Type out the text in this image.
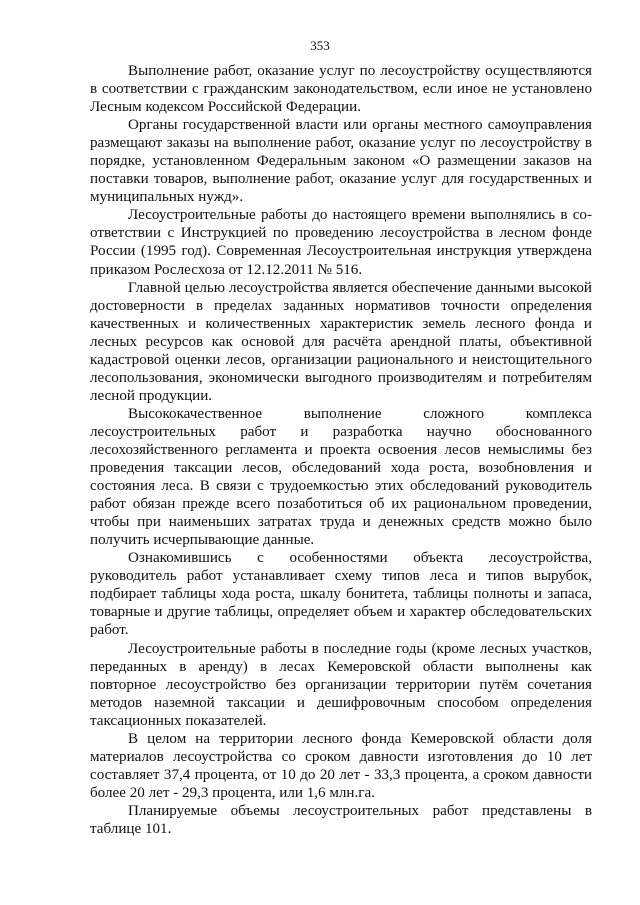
353

Выполнение работ, оказание услуг по лесоустройству осуществляются в соответствии с гражданским законодательством, если иное не установлено Лесным кодексом Российской Федерации.

Органы государственной власти или органы местного самоуправления размещают заказы на выполнение работ, оказание услуг по лесоустройству в порядке, установленном Федеральным законом «О размещении заказов на поставки товаров, выполнение работ, оказание услуг для государственных и муниципальных нужд».

Лесоустроительные работы до настоящего времени выполнялись в со-ответствии с Инструкцией по проведению лесоустройства в лесном фонде России (1995 год). Современная Лесоустроительная инструкция утверждена приказом Рослесхоза от 12.12.2011 № 516.

Главной целью лесоустройства является обеспечение данными высокой достоверности в пределах заданных нормативов точности определения качественных и количественных характеристик земель лесного фонда и лесных ресурсов как основой для расчёта арендной платы, объективной кадастровой оценки лесов, организации рационального и неистощительного лесопользования, экономически выгодного производителям и потребителям лесной продукции.

Высококачественное выполнение сложного комплекса лесоустроительных работ и разработка научно обоснованного лесохозяйственного регламента и проекта освоения лесов немыслимы без проведения таксации лесов, обследований хода роста, возобновления и состояния леса. В связи с трудоемкостью этих обследований руководитель работ обязан прежде всего позаботиться об их рациональном проведении, чтобы при наименьших затратах труда и денежных средств можно было получить исчерпывающие данные.

Ознакомившись с особенностями объекта лесоустройства, руководитель работ устанавливает схему типов леса и типов вырубок, подбирает таблицы хода роста, шкалу бонитета, таблицы полноты и запаса, товарные и другие таблицы, определяет объем и характер обследовательских работ.

Лесоустроительные работы в последние годы (кроме лесных участков, переданных в аренду) в лесах Кемеровской области выполнены как повторное лесоустройство без организации территории путём сочетания методов наземной таксации и дешифровочным способом определения таксационных показателей.

В целом на территории лесного фонда Кемеровской области доля материалов лесоустройства со сроком давности изготовления до 10 лет составляет 37,4 процента, от 10 до 20 лет - 33,3 процента, а сроком давности более 20 лет - 29,3 процента, или 1,6 млн.га.

Планируемые объемы лесоустроительных работ представлены в таблице 101.
